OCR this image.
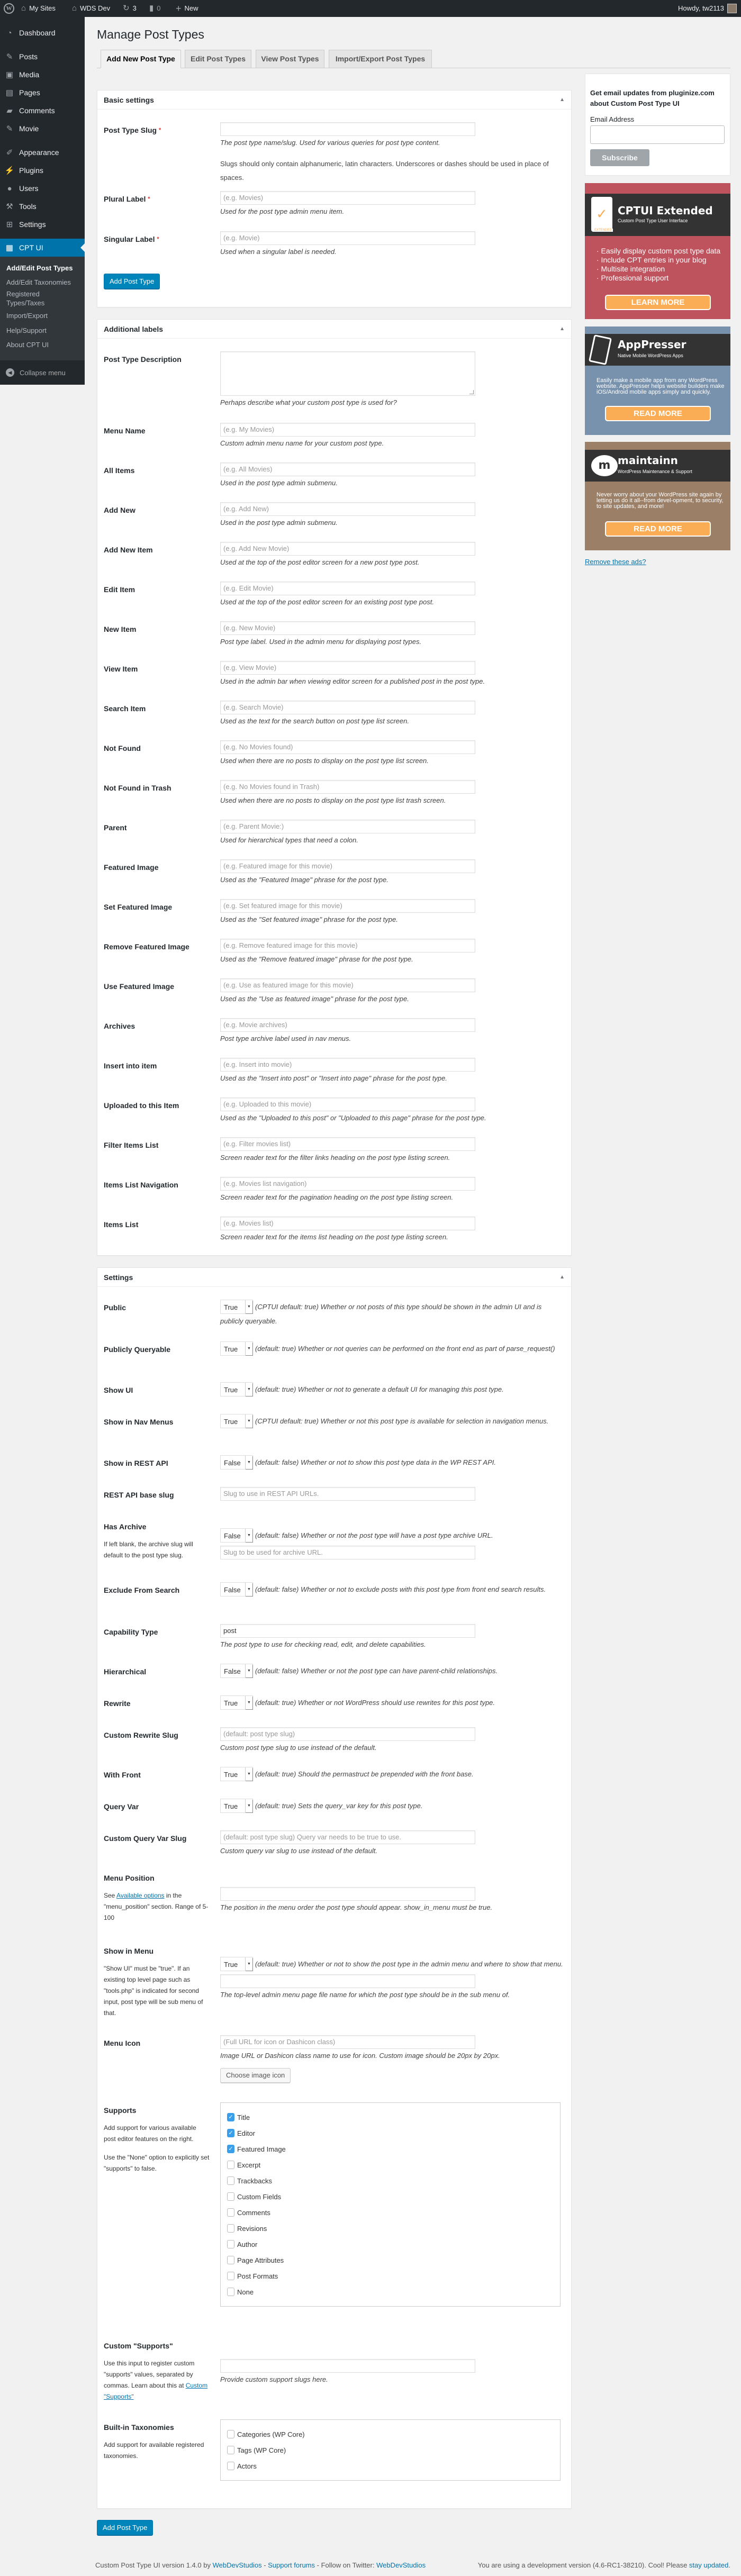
W	⌂ My Sites ⌂ WDS Dev ↻ 3 ▮ 0 + New	Howdy, tw2113
◔ Dashboard
✎ Posts
▣ Media
▤ Pages
▰ Comments
✎ Movie
✐ Appearance
⚡ Plugins
● Users
⚒ Tools
⊞ Settings
▦ CPT UI
Add/Edit Post Types
Add/Edit Taxonomies
Registered Types/Taxes
Import/Export
Help/Support
About CPT UI
◀	Collapse menu
Manage Post Types
Add New Post Type	Edit Post Types	View Post Types	Import/Export Post Types
Basic settings	▲
Post Type Slug *
The post type name/slug. Used for various queries for post type content.
Slugs should only contain alphanumeric, latin characters. Underscores or dashes should be used in place of spaces.
Plural Label *	(e.g. Movies)
Used for the post type admin menu item.
Singular Label *	(e.g. Movie)
Used when a singular label is needed.
Add Post Type
Additional labels	▲
Post Type Description
Perhaps describe what your custom post type is used for?
Menu Name	(e.g. My Movies)
Custom admin menu name for your custom post type.
All Items	(e.g. All Movies)
Used in the post type admin submenu.
Add New	(e.g. Add New)
Used in the post type admin submenu.
Add New Item	(e.g. Add New Movie)
Used at the top of the post editor screen for a new post type post.
Edit Item	(e.g. Edit Movie)
Used at the top of the post editor screen for an existing post type post.
New Item	(e.g. New Movie)
Post type label. Used in the admin menu for displaying post types.
View Item	(e.g. View Movie)
Used in the admin bar when viewing editor screen for a published post in the post type.
Search Item	(e.g. Search Movie)
Used as the text for the search button on post type list screen.
Not Found	(e.g. No Movies found)
Used when there are no posts to display on the post type list screen.
Not Found in Trash	(e.g. No Movies found in Trash)
Used when there are no posts to display on the post type list trash screen.
Parent	(e.g. Parent Movie:)
Used for hierarchical types that need a colon.
Featured Image	(e.g. Featured image for this movie)
Used as the "Featured Image" phrase for the post type.
Set Featured Image	(e.g. Set featured image for this movie)
Used as the "Set featured image" phrase for the post type.
Remove Featured Image	(e.g. Remove featured image for this movie)
Used as the "Remove featured image" phrase for the post type.
Use Featured Image	(e.g. Use as featured image for this movie)
Used as the "Use as featured image" phrase for the post type.
Archives	(e.g. Movie archives)
Post type archive label used in nav menus.
Insert into item	(e.g. Insert into movie)
Used as the "Insert into post" or "Insert into page" phrase for the post type.
Uploaded to this Item	(e.g. Uploaded to this movie)
Used as the "Uploaded to this post" or "Uploaded to this page" phrase for the post type.
Filter Items List	(e.g. Filter movies list)
Screen reader text for the filter links heading on the post type listing screen.
Items List Navigation	(e.g. Movies list navigation)
Screen reader text for the pagination heading on the post type listing screen.
Items List	(e.g. Movies list)
Screen reader text for the items list heading on the post type listing screen.
Settings	▲
Public	True	▼ (CPTUI default: true) Whether or not posts of this type should be shown in the admin UI and is publicly queryable.
Publicly Queryable	True	▼ (default: true) Whether or not queries can be performed on the front end as part of parse_request()
Show UI	True	▼ (default: true) Whether or not to generate a default UI for managing this post type.
Show in Nav Menus	True	▼ (CPTUI default: true) Whether or not this post type is available for selection in navigation menus.
Show in REST API	False	▼ (default: false) Whether or not to show this post type data in the WP REST API.
REST API base slug	Slug to use in REST API URLs.
Has Archive
If left blank, the archive slug will default to the post type slug.
False	▼ (default: false) Whether or not the post type will have a post type archive URL.
Slug to be used for archive URL.
Exclude From Search	False	▼ (default: false) Whether or not to exclude posts with this post type from front end search results.
Capability Type	post
The post type to use for checking read, edit, and delete capabilities.
Hierarchical	False	▼ (default: false) Whether or not the post type can have parent-child relationships.
Rewrite	True	▼ (default: true) Whether or not WordPress should use rewrites for this post type.
Custom Rewrite Slug	(default: post type slug)
Custom post type slug to use instead of the default.
With Front	True	▼ (default: true) Should the permastruct be prepended with the front base.
Query Var	True	▼ (default: true) Sets the query_var key for this post type.
Custom Query Var Slug	(default: post type slug) Query var needs to be true to use.
Custom query var slug to use instead of the default.
Menu Position
See Available options in the "menu_position" section. Range of 5-100
The position in the menu order the post type should appear. show_in_menu must be true.
Show in Menu
"Show UI" must be "true". If an existing top level page such as "tools.php" is indicated for second input, post type will be sub menu of that.
True	▼ (default: true) Whether or not to show the post type in the admin menu and where to show that menu.
The top-level admin menu page file name for which the post type should be in the sub menu of.
Menu Icon	(Full URL for icon or Dashicon class)
Image URL or Dashicon class name to use for icon. Custom image should be 20px by 20px.
Choose image icon
Supports
Add support for various available post editor features on the right.
Use the "None" option to explicitly set "supports" to false.
✓ Title
✓ Editor
✓ Featured Image
Excerpt
Trackbacks
Custom Fields
Comments
Revisions
Author
Page Attributes
Post Formats
None
Custom "Supports"
Use this input to register custom "supports" values, separated by commas. Learn about this at Custom "Supports"
Provide custom support slugs here.
Built-in Taxonomies
Add support for available registered taxonomies.
Categories (WP Core)
Tags (WP Core)
Actors
Add Post Type
Get email updates from pluginize.com about Custom Post Type UI
Email Address
Subscribe
✓ CPTUI Extended
Custom Post Type User Interface
EXTENDED
· Easily display custom post type data
· Include CPT entries in your blog
· Multisite integration
· Professional support
LEARN MORE
AppPresser
Native Mobile WordPress Apps
Easily make a mobile app from any WordPress website. AppPresser helps website builders make iOS/Android mobile apps simply and quickly.
READ MORE
m maintainn
WordPress Maintenance & Support
Never worry about your WordPress site again by letting us do it all--from devel-opment, to security, to site updates, and more!
READ MORE
Remove these ads?
Custom Post Type UI version 1.4.0 by WebDevStudios - Support forums - Follow on Twitter: WebDevStudios	You are using a development version (4.6-RC1-38210). Cool! Please stay updated.
